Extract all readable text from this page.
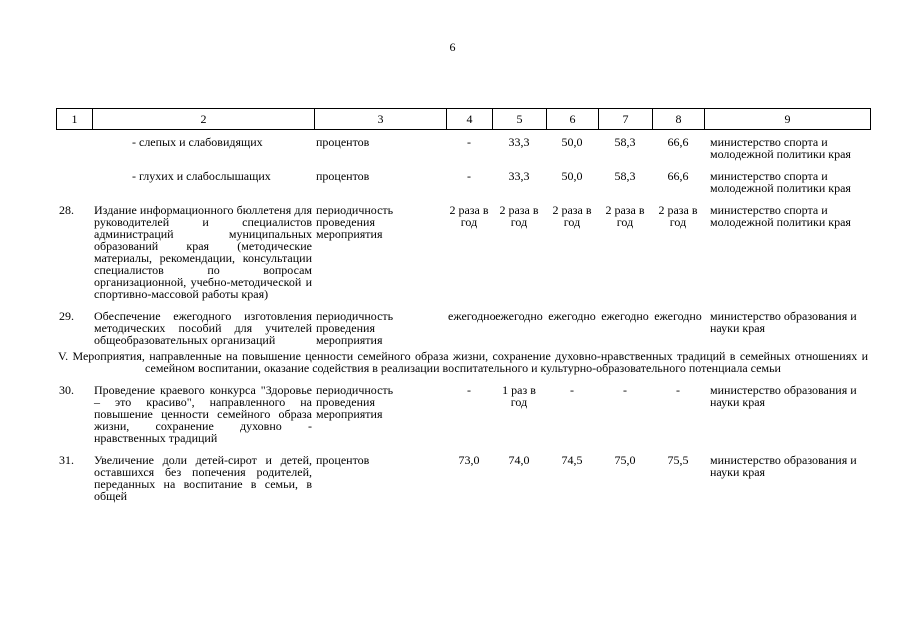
6
1	2	3	4	5	6	7	8	9
	- слепых и слабовидящих	процентов	-	33,3	50,0	58,3	66,6	министерство спорта и молодежной политики края

	- глухих и слабослышащих	процентов	-	33,3	50,0	58,3	66,6	министерство спорта и молодежной политики края

28.	Издание информационного бюллетеня для руководителей и специалистов администраций муниципальных образований края (методические материалы, рекомендации, консультации специалистов по вопросам организационной, учебно-методической и спортивно-массовой работы края)	периодичность проведения мероприятия	2 раза в год	2 раза в год	2 раза в год	2 раза в год	2 раза в год	министерство спорта и молодежной политики края

29.	Обеспечение ежегодного изготовления методических пособий для учителей общеобразовательных организаций	периодичность проведения мероприятия	ежегодно	ежегодно	ежегодно	ежегодно	ежегодно	министерство образования и науки края

V. Мероприятия, направленные на повышение ценности семейного образа жизни, сохранение духовно-нравственных традиций в семейных отношениях и семейном воспитании, оказание содействия в реализации воспитательного и культурно-образовательного потенциала семьи

30.	Проведение краевого конкурса "Здоровье – это красиво", направленного на повышение ценности семейного образа жизни, сохранение духовно - нравственных традиций	периодичность проведения мероприятия	-	1 раз в год	-	-	-	министерство образования и науки края

31.	Увеличение доли детей-сирот и детей, оставшихся без попечения родителей, переданных на воспитание в семьи, в общей	процентов	73,0	74,0	74,5	75,0	75,5	министерство образования и науки края
